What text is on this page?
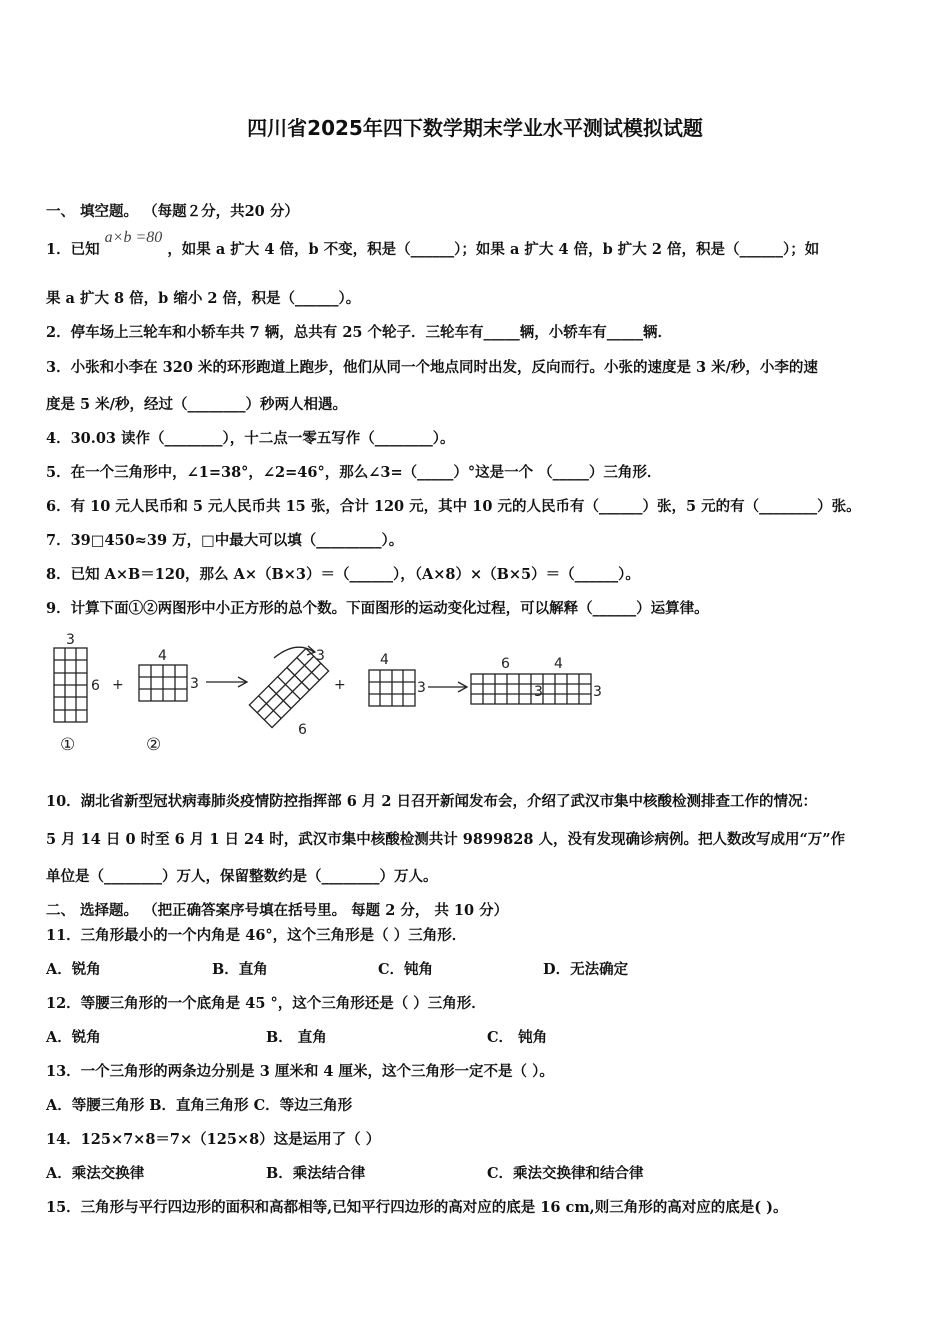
四川省2025年四下数学期末学业水平测试模拟试题
一、 填空题。 （每题２分，共20 分）
1．已知 a×b =80 ，如果 a 扩大 4 倍，b 不变，积是（______）；如果 a 扩大 4 倍，b 扩大 2 倍，积是（______）；如
果 a 扩大 8 倍，b 缩小 2 倍，积是（______）。
2．停车场上三轮车和小轿车共 7 辆，总共有 25 个轮子．三轮车有_____辆，小轿车有_____辆．
3．小张和小李在 320 米的环形跑道上跑步，他们从同一个地点同时出发，反向而行。小张的速度是 3 米/秒，小李的速
度是 5 米/秒，经过（________）秒两人相遇。
4．30.03 读作（________），十二点一零五写作（________）。
5．在一个三角形中，∠1=38°，∠2=46°，那么∠3=（_____）°这是一个 （_____）三角形．
6．有 10 元人民币和 5 元人民币共 15 张，合计 120 元，其中 10 元的人民币有（______）张，5 元的有（________）张。
7．39□450≈39 万，□中最大可以填（_________）。
8．已知 A×B＝120，那么 A×（B×3）＝（______），（A×8）×（B×5）＝（______）。
9．计算下面①②两图形中小正方形的总个数。下面图形的运动变化过程，可以解释（______）运算律。
3
6 +
4
3
3
6
+
4
3
6	4
3	3
①	②
10．湖北省新型冠状病毒肺炎疫情防控指挥部 6 月 2 日召开新闻发布会，介绍了武汉市集中核酸检测排查工作的情况：
5 月 14 日 0 时至 6 月 1 日 24 时，武汉市集中核酸检测共计 9899828 人，没有发现确诊病例。把人数改写成用“万”作
单位是（________）万人，保留整数约是（________）万人。
二、 选择题。 （把正确答案序号填在括号里。 每题 2 分， 共 10 分）
11．三角形最小的一个内角是 46°，这个三角形是（ ）三角形．
A．锐角	B．直角	C．钝角	D．无法确定
12．等腰三角形的一个底角是 45 °，这个三角形还是（ ）三角形．
A．锐角	B． 直角	C． 钝角
13．一个三角形的两条边分别是 3 厘米和 4 厘米，这个三角形一定不是（ ）。
A．等腰三角形 B．直角三角形 C．等边三角形
14．125×7×8＝7×（125×8）这是运用了（ ）
A．乘法交换律	B．乘法结合律	C．乘法交换律和结合律
15．三角形与平行四边形的面积和高都相等,已知平行四边形的高对应的底是 16 cm,则三角形的高对应的底是( )。
